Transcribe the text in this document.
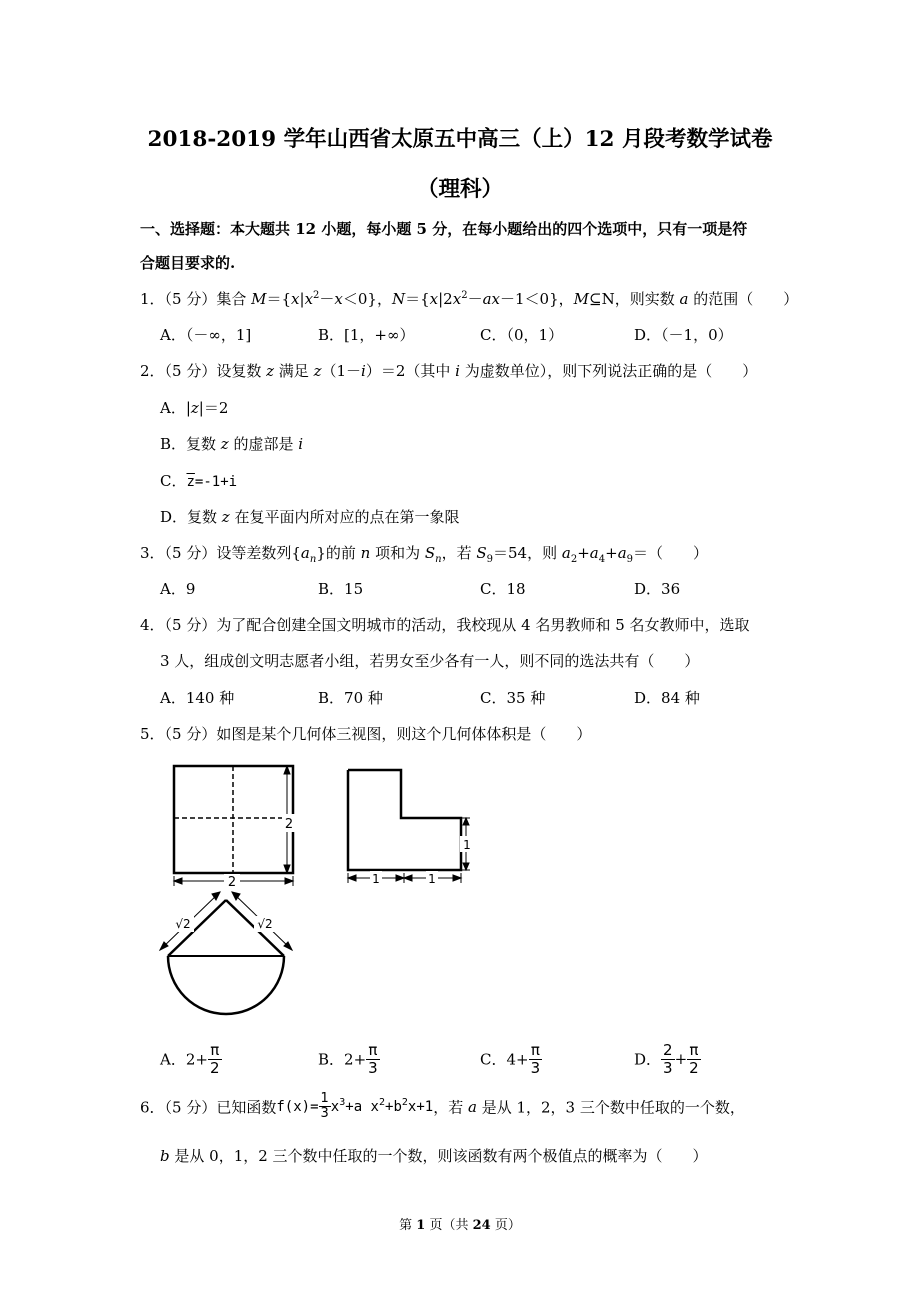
2018-2019 学年山西省太原五中高三（上）12 月段考数学试卷
（理科）
一、选择题：本大题共 12 小题，每小题 5 分，在每小题给出的四个选项中，只有一项是符
合题目要求的.
1．（5 分）集合 $M=\{x|x^2-x<0\}$，$N=\{x|2x^2-ax-1<0\}$，M⊆N，则实数 a 的范围（　　）
A．（－∞，1]	B．[1，+∞）	C．（0，1）	D．（－1，0）
2．（5 分）设复数 z 满足 z（1－i）＝2（其中 i 为虚数单位），则下列说法正确的是（　　）
A．|z|＝2
B．复数 z 的虚部是 i
C．$\overline{z}=-1+i$
D．复数 z 在复平面内所对应的点在第一象限
3．（5 分）设等差数列$\{a_n\}$的前 n 项和为 $S_n$，若 $S_9=54$，则 $a_2+a_4+a_9=$（　　）
A．9	B．15	C．18	D．36
4．（5 分）为了配合创建全国文明城市的活动，我校现从 4 名男教师和 5 名女教师中，选取
3 人，组成创文明志愿者小组，若男女至少各有一人，则不同的选法共有（　　）
A．140 种	B．70 种	C．35 种	D．84 种
5．（5 分）如图是某个几何体三视图，则这个几何体体积是（　　）
2
2
1
1	1
√2	√2
A．$2+ \frac{\pi}{2}$	B．$2+ \frac{\pi}{3}$	C．$4+ \frac{\pi}{3}$	D． $\frac{2}{3} + \frac{\pi}{2}$
6．（5 分）已知函数$f(x)= \frac{1}{3} x^3+a$ $x^2+b^2x+1$，若 a 是从 1，2，3 三个数中任取的一个数，
b 是从 0，1，2 三个数中任取的一个数，则该函数有两个极值点的概率为（　　）
第 1 页（共 24 页）
